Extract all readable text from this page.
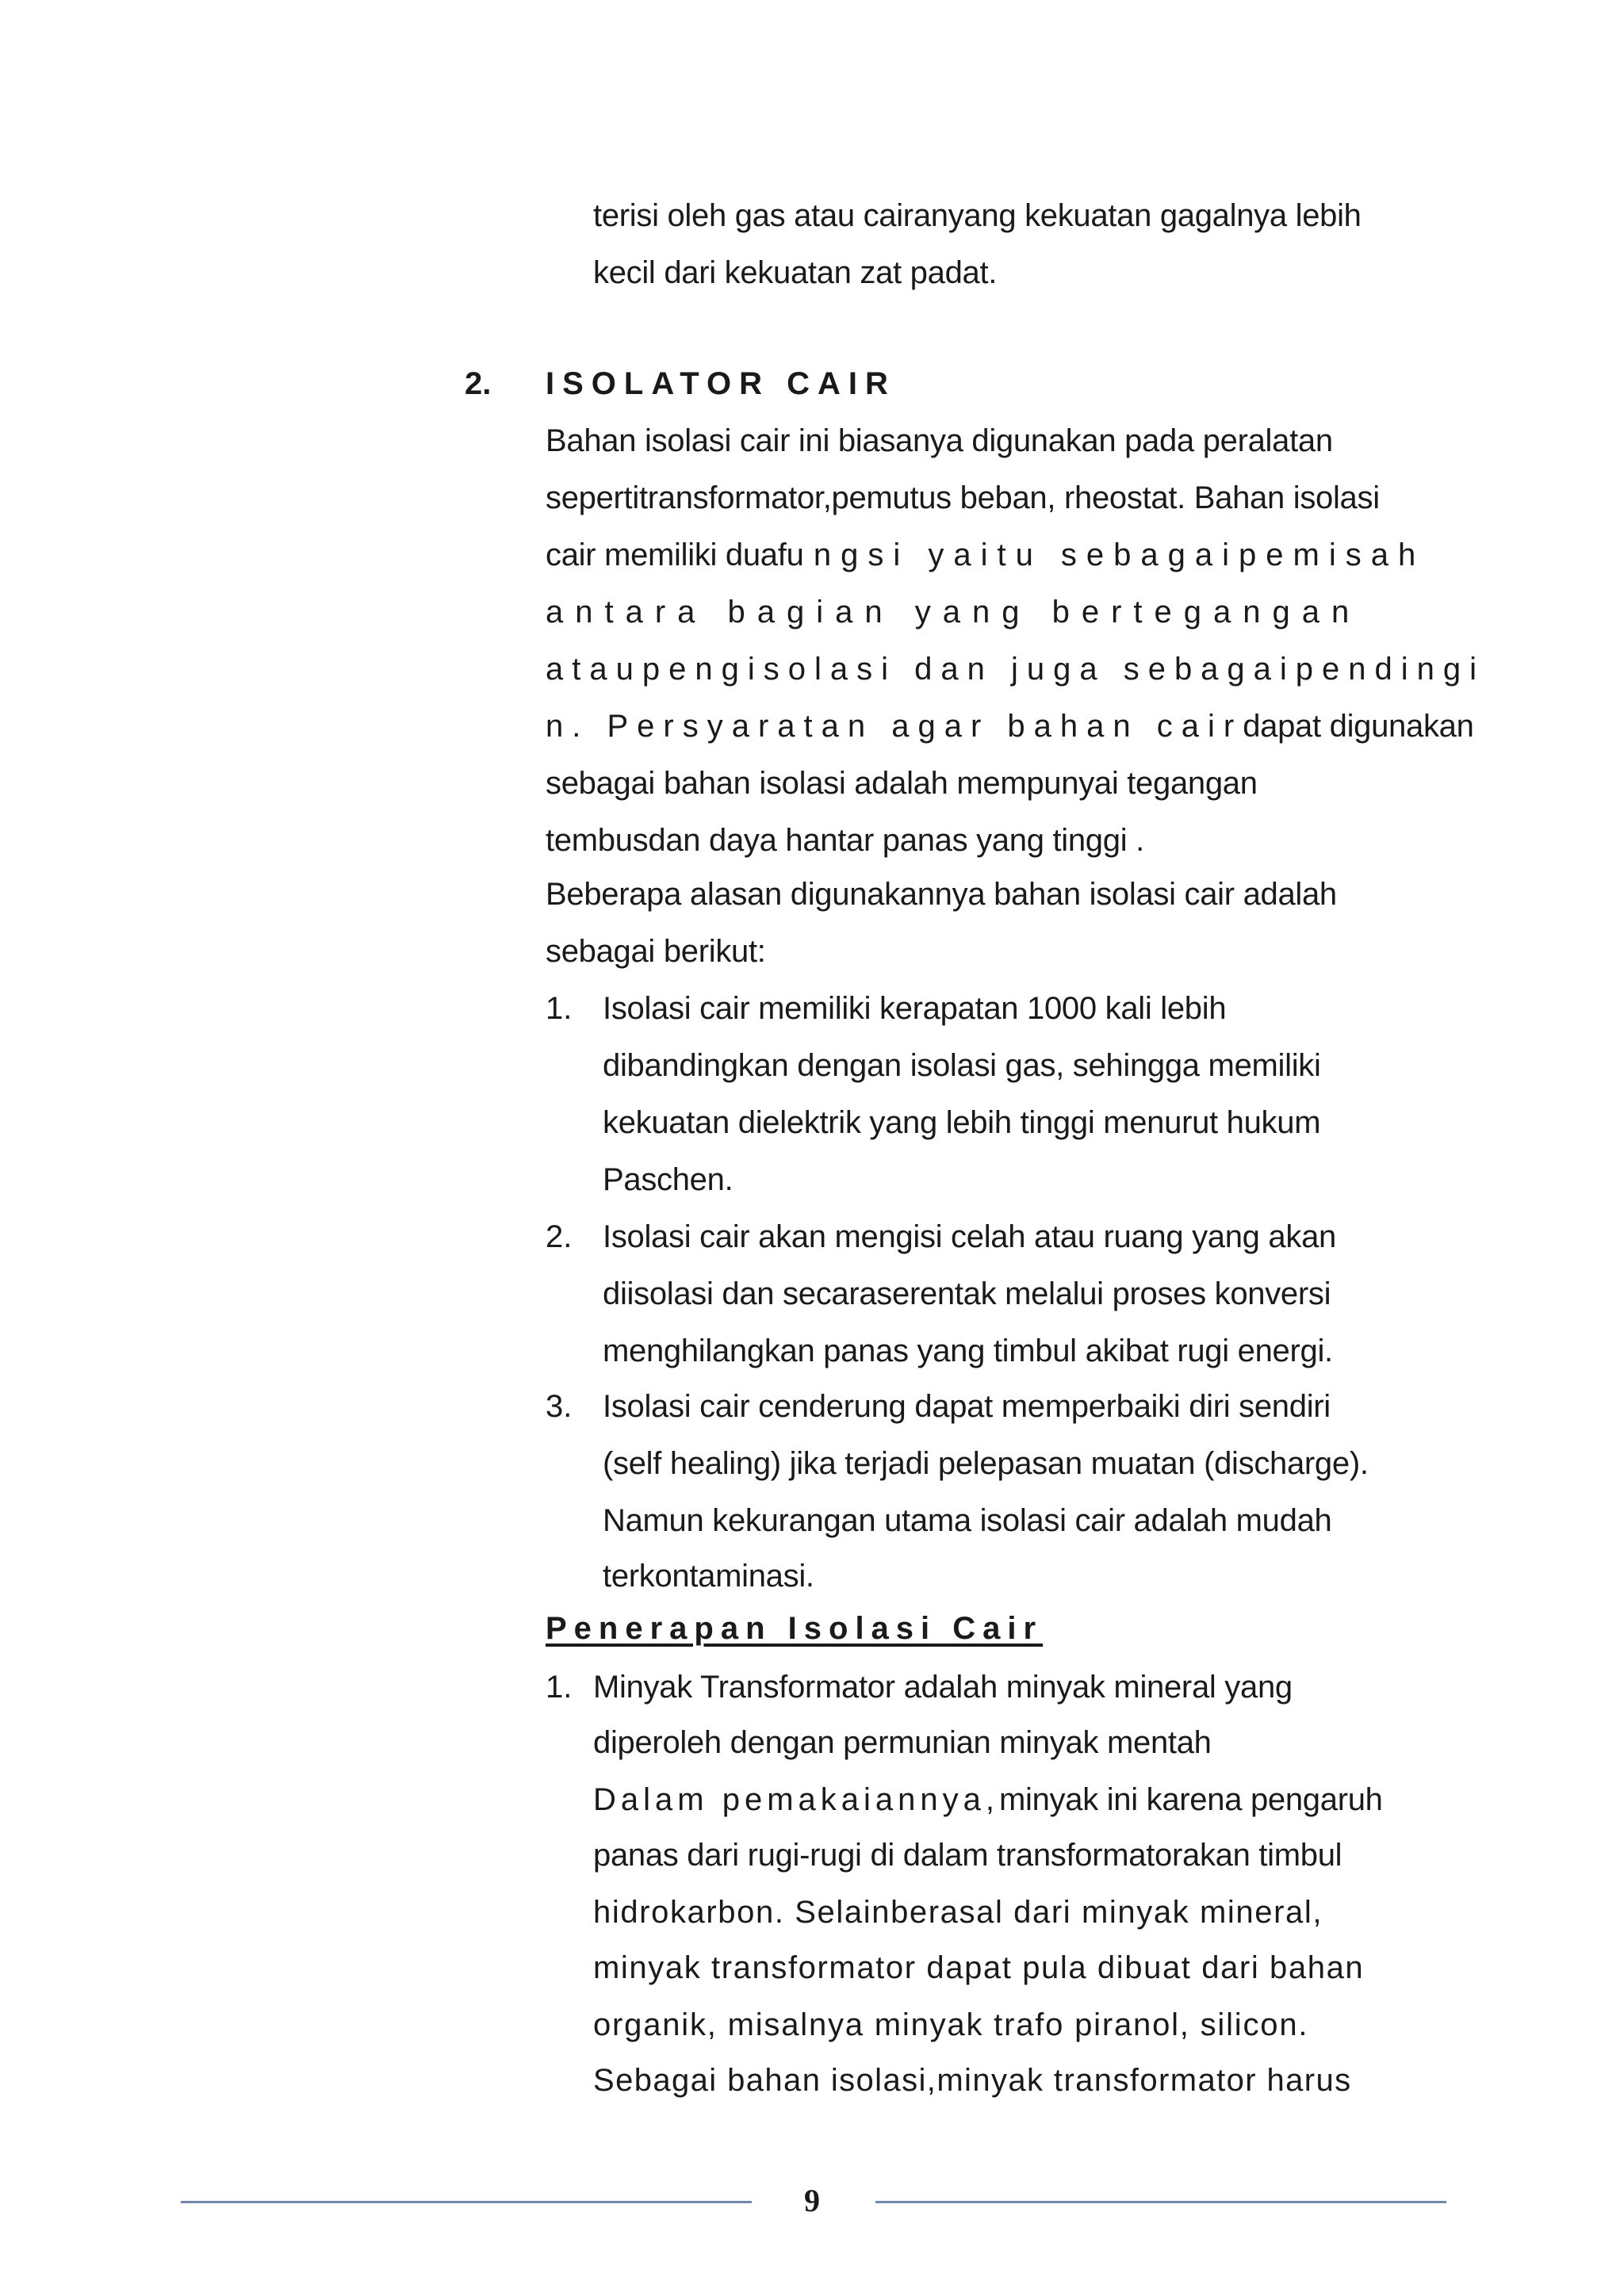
terisi oleh gas atau cairanyang kekuatan gagalnya lebih
kecil dari kekuatan zat padat.
2. ISOLATOR CAIR
Bahan isolasi cair ini biasanya digunakan pada peralatan
sepertitransformator,pemutus beban, rheostat. Bahan isolasi
cair memiliki duafungsi yaitu sebagaipemisah
antara bagian yang bertegangan
ataupengisolasi dan juga sebagaipendingi
n. Persyaratan agar bahan cairdapat digunakan
sebagai bahan isolasi adalah mempunyai tegangan
tembusdan daya hantar panas yang tinggi .
Beberapa alasan digunakannya bahan isolasi cair adalah
sebagai berikut:
1. Isolasi cair memiliki kerapatan 1000 kali lebih
dibandingkan dengan isolasi gas, sehingga memiliki
kekuatan dielektrik yang lebih tinggi menurut hukum
Paschen.
2. Isolasi cair akan mengisi celah atau ruang yang akan
diisolasi dan secaraserentak melalui proses konversi
menghilangkan panas yang timbul akibat rugi energi.
3. Isolasi cair cenderung dapat memperbaiki diri sendiri
(self healing) jika terjadi pelepasan muatan (discharge).
Namun kekurangan utama isolasi cair adalah mudah
terkontaminasi.
Penerapan Isolasi Cair
1. Minyak Transformator adalah minyak mineral yang
diperoleh dengan permunian minyak mentah
Dalam pemakaiannya,minyak ini karena pengaruh
panas dari rugi-rugi di dalam transformatorakan timbul
hidrokarbon. Selainberasal dari minyak mineral,
minyak transformator dapat pula dibuat dari bahan
organik, misalnya minyak trafo piranol, silicon.
Sebagai bahan isolasi,minyak transformator harus
9
